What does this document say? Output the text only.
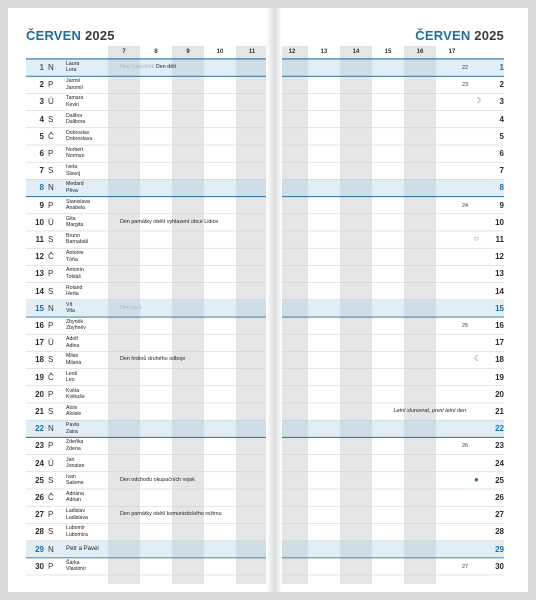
ČERVEN 2025	ČERVEN 2025
7	8	9	10	11	12	13	14	15	16	17
1 N	Laura
Lora
Nov. Lahodník Den dětí	22	1
2 P	Jarmil
Jaromil	23	2
3 Ú	Tamara
Kevin	☽	3
4 S	Dalibor
Dalibora	4
5 Č	Dobroslav
Dobroslava	5
6 P	Norbert
Norman	6
7 S	Iveta
Slavoj	7
8 N	Medard
Pěva	8
9 P	Stanislava
Anabela	24	9
10 Ú	Gita
Margita
Den památky obětí vyhlazení obce Lidice	10
11 S	Bruno
Barnabáš	○	11
12 Č	Antonie
Tóňa	12
13 P	Antonín
Tobiáš	13
14 S	Roland
Herta	14
15 N	Vít
Vita
Den otců	15
16 P	Zbyněk
Zbyhněv	25	16
17 Ú	Adolf
Adina	17
18 S	Milan
Milana
Den hrdinů druhého odboje	☾	18
19 Č	Leoš
Leo	19
20 P	Květa
Květuše	20
21 S	Alois
Aloisie
Letní slunovrat, první letní den	21
22 N	Pavla
Zaira	22
23 P	Zdeňka
Zdena	26	23
24 Ú	Jan
Jonatan	24
25 S	Ivan
Salome
Den odchodu okupačních vojsk	●	25
26 Č	Adriána
Adrian	26
27 P	Ladislav
Ladislava
Den památky obětí komunistického režimu	27
28 S	Lubomír
Lubomíra	28
29 N	Petr a Pavel	29
30 P	Šárka
Vlastimír	27	30
